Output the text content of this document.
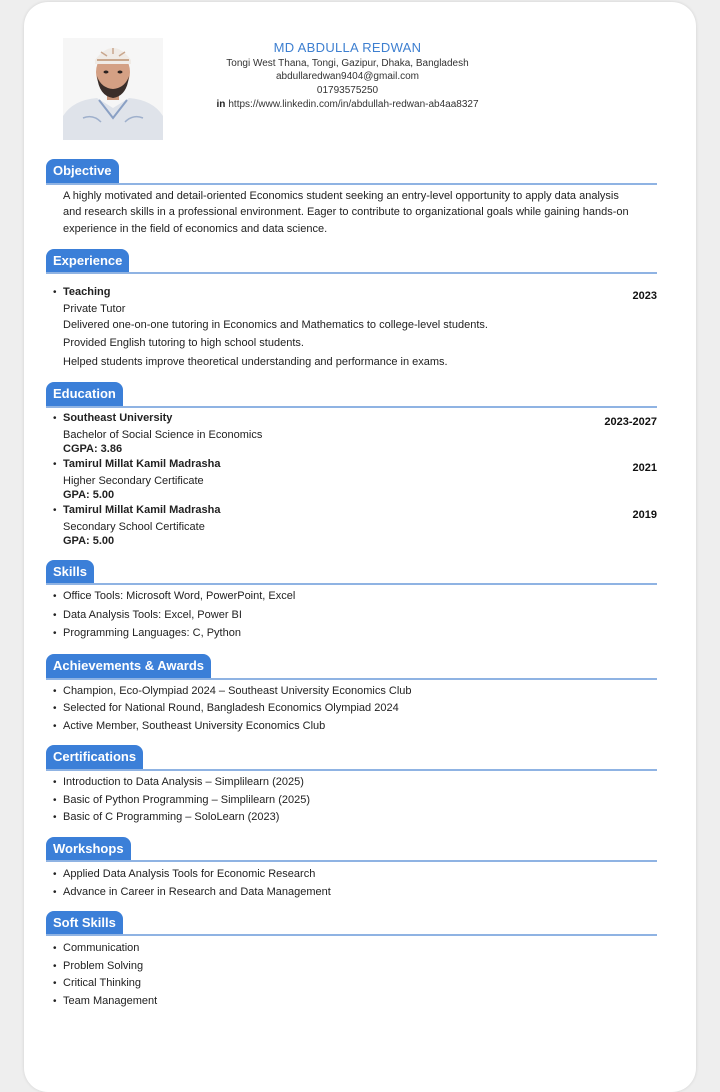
MD ABDULLA REDWAN
Tongi West Thana, Tongi, Gazipur, Dhaka, Bangladesh
abdullaredwan9404@gmail.com
01793575250
in https://www.linkedin.com/in/abdullah-redwan-ab4aa8327
Objective
A highly motivated and detail-oriented Economics student seeking an entry-level opportunity to apply data analysis and research skills in a professional environment. Eager to contribute to organizational goals while gaining hands-on experience in the field of economics and data science.
Experience
• Teaching	2023
Private Tutor
Delivered one-on-one tutoring in Economics and Mathematics to college-level students.
Provided English tutoring to high school students.
Helped students improve theoretical understanding and performance in exams.
Education
• Southeast University	2023-2027
Bachelor of Social Science in Economics
CGPA: 3.86
• Tamirul Millat Kamil Madrasha	2021
Higher Secondary Certificate
GPA: 5.00
• Tamirul Millat Kamil Madrasha	2019
Secondary School Certificate
GPA: 5.00
Skills
• Office Tools: Microsoft Word, PowerPoint, Excel
• Data Analysis Tools: Excel, Power BI
• Programming Languages: C, Python
Achievements & Awards
• Champion, Eco-Olympiad 2024 – Southeast University Economics Club
• Selected for National Round, Bangladesh Economics Olympiad 2024
• Active Member, Southeast University Economics Club
Certifications
• Introduction to Data Analysis – Simplilearn (2025)
• Basic of Python Programming – Simplilearn (2025)
• Basic of C Programming – SoloLearn (2023)
Workshops
• Applied Data Analysis Tools for Economic Research
• Advance in Career in Research and Data Management
Soft Skills
• Communication
• Problem Solving
• Critical Thinking
• Team Management
